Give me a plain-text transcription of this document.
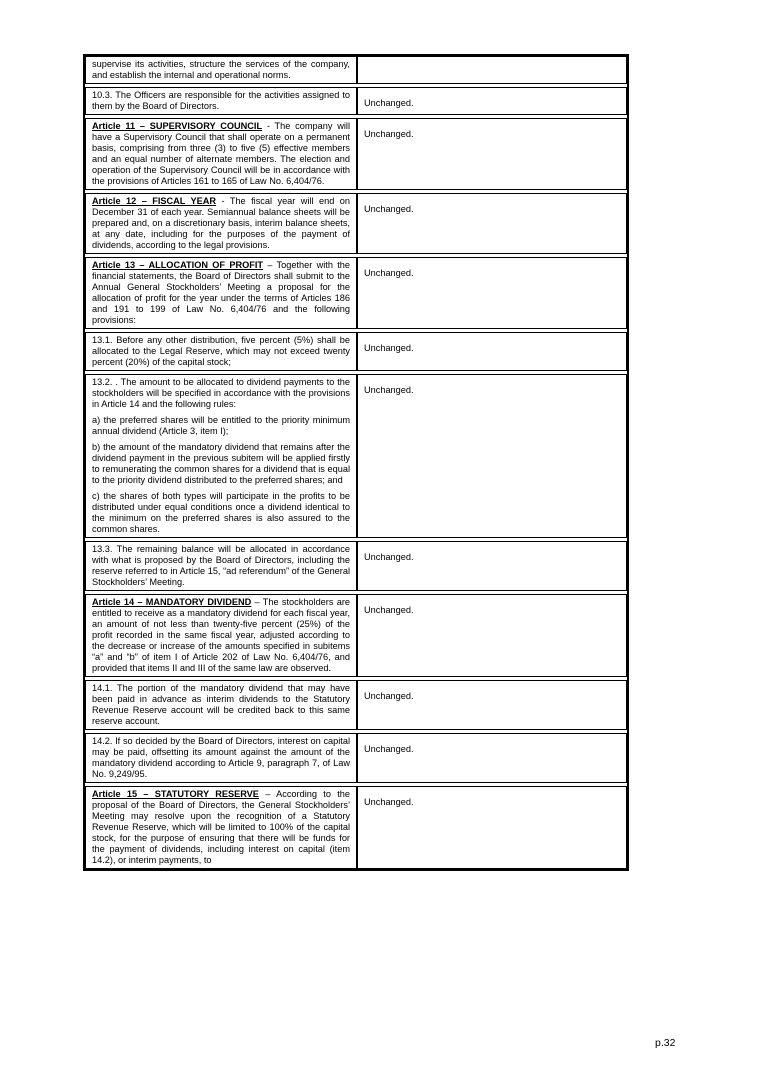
supervise its activities, structure the services of the company, and establish the internal and operational norms.	

10.3. The Officers are responsible for the activities assigned to them by the Board of Directors.	Unchanged.

Article 11 – SUPERVISORY COUNCIL - The company will have a Supervisory Council that shall operate on a permanent basis, comprising from three (3) to five (5) effective members and an equal number of alternate members. The election and operation of the Supervisory Council will be in accordance with the provisions of Articles 161 to 165 of Law No. 6,404/76.	Unchanged.

Article 12 – FISCAL YEAR - The fiscal year will end on December 31 of each year. Semiannual balance sheets will be prepared and, on a discretionary basis, interim balance sheets, at any date, including for the purposes of the payment of dividends, according to the legal provisions.	Unchanged.

Article 13 – ALLOCATION OF PROFIT – Together with the financial statements, the Board of Directors shall submit to the Annual General Stockholders’ Meeting a proposal for the allocation of profit for the year under the terms of Articles 186 and 191 to 199 of Law No. 6,404/76 and the following provisions:	Unchanged.

13.1. Before any other distribution, five percent (5%) shall be allocated to the Legal Reserve, which may not exceed twenty percent (20%) of the capital stock;	Unchanged.

13.2. . The amount to be allocated to dividend payments to the stockholders will be specified in accordance with the provisions in Article 14 and the following rules:

a) the preferred shares will be entitled to the priority minimum annual dividend (Article 3, item I);

b) the amount of the mandatory dividend that remains after the dividend payment in the previous subitem will be applied firstly to remunerating the common shares for a dividend that is equal to the priority dividend distributed to the preferred shares; and

c) the shares of both types will participate in the profits to be distributed under equal conditions once a dividend identical to the minimum on the preferred shares is also assured to the common shares.	Unchanged.

13.3. The remaining balance will be allocated in accordance with what is proposed by the Board of Directors, including the reserve referred to in Article 15, “ad referendum” of the General Stockholders’ Meeting.	Unchanged.

Article 14 – MANDATORY DIVIDEND – The stockholders are entitled to receive as a mandatory dividend for each fiscal year, an amount of not less than twenty-five percent (25%) of the profit recorded in the same fiscal year, adjusted according to the decrease or increase of the amounts specified in subitems “a” and “b” of item I of Article 202 of Law No. 6,404/76, and provided that items II and III of the same law are observed.	Unchanged.

14.1. The portion of the mandatory dividend that may have been paid in advance as interim dividends to the Statutory Revenue Reserve account will be credited back to this same reserve account.	Unchanged.

14.2. If so decided by the Board of Directors, interest on capital may be paid, offsetting its amount against the amount of the mandatory dividend according to Article 9, paragraph 7, of Law No. 9,249/95.	Unchanged.

Article 15 – STATUTORY RESERVE – According to the proposal of the Board of Directors, the General Stockholders’ Meeting may resolve upon the recognition of a Statutory Revenue Reserve, which will be limited to 100% of the capital stock, for the purpose of ensuring that there will be funds for the payment of dividends, including interest on capital (item 14.2), or interim payments, to	Unchanged.
p.32
